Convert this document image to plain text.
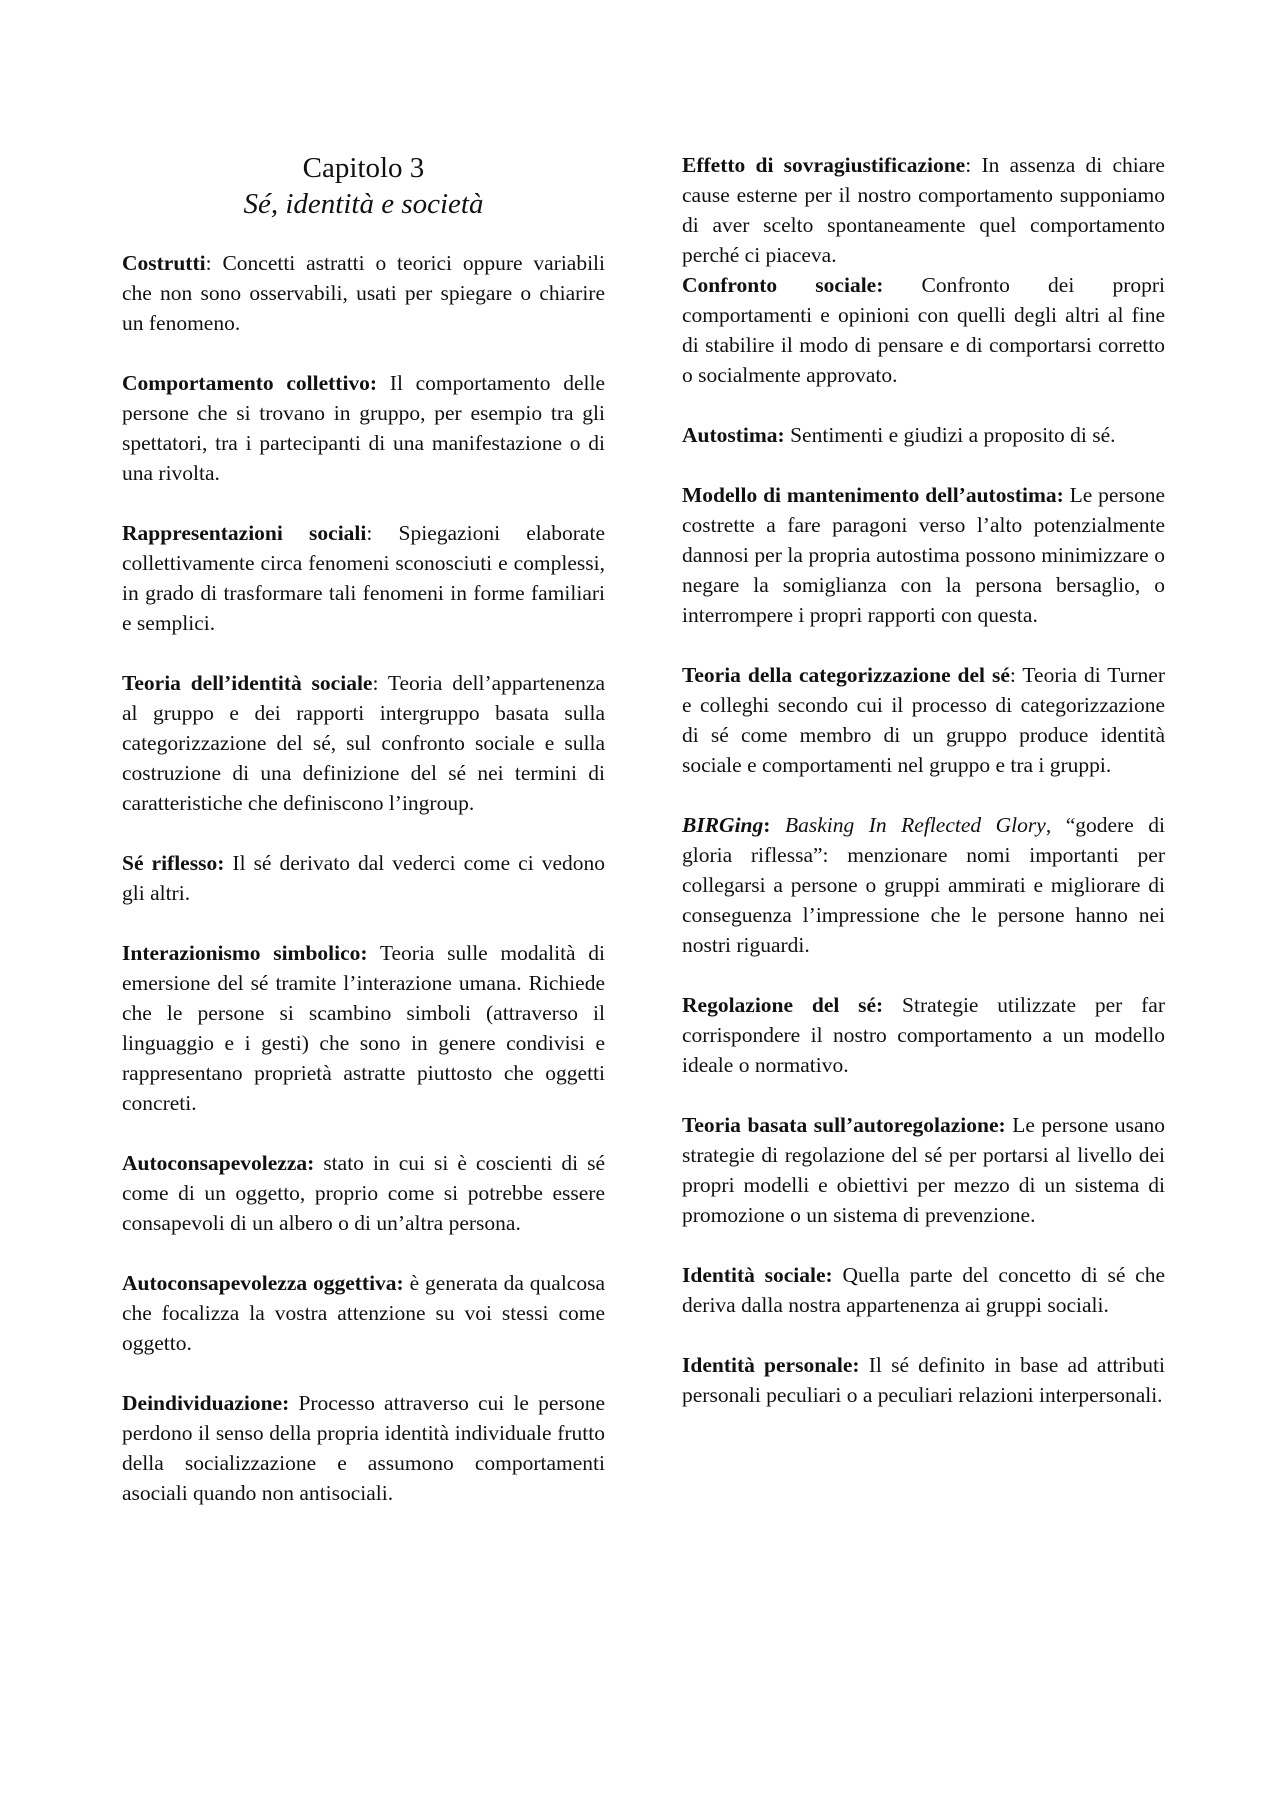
Capitolo 3

Sé, identità e società

Costrutti: Concetti astratti o teorici oppure variabili che non sono osservabili, usati per spiegare o chiarire un fenomeno.

Comportamento collettivo: Il comportamento delle persone che si trovano in gruppo, per esempio tra gli spettatori, tra i partecipanti di una manifestazione o di una rivolta.

Rappresentazioni sociali: Spiegazioni elaborate collettivamente circa fenomeni sconosciuti e complessi, in grado di trasformare tali fenomeni in forme familiari e semplici.

Teoria dell’identità sociale: Teoria dell’appartenenza al gruppo e dei rapporti intergruppo basata sulla categorizzazione del sé, sul confronto sociale e sulla costruzione di una definizione del sé nei termini di caratteristiche che definiscono l’ingroup.

Sé riflesso: Il sé derivato dal vederci come ci vedono gli altri.

Interazionismo simbolico: Teoria sulle modalità di emersione del sé tramite l’interazione umana. Richiede che le persone si scambino simboli (attraverso il linguaggio e i gesti) che sono in genere condivisi e rappresentano proprietà astratte piuttosto che oggetti concreti.

Autoconsapevolezza: stato in cui si è coscienti di sé come di un oggetto, proprio come si potrebbe essere consapevoli di un albero o di un’altra persona.

Autoconsapevolezza oggettiva: è generata da qualcosa che focalizza la vostra attenzione su voi stessi come oggetto.

Deindividuazione: Processo attraverso cui le persone perdono il senso della propria identità individuale frutto della socializzazione e assumono comportamenti asociali quando non antisociali.

Effetto di sovragiustificazione: In assenza di chiare cause esterne per il nostro comportamento supponiamo di aver scelto spontaneamente quel comportamento perché ci piaceva.

Confronto sociale: Confronto dei propri comportamenti e opinioni con quelli degli altri al fine di stabilire il modo di pensare e di comportarsi corretto o socialmente approvato.

Autostima: Sentimenti e giudizi a proposito di sé.

Modello di mantenimento dell’autostima: Le persone costrette a fare paragoni verso l’alto potenzialmente dannosi per la propria autostima possono minimizzare o negare la somiglianza con la persona bersaglio, o interrompere i propri rapporti con questa.

Teoria della categorizzazione del sé: Teoria di Turner e colleghi secondo cui il processo di categorizzazione di sé come membro di un gruppo produce identità sociale e comportamenti nel gruppo e tra i gruppi.

BIRGing: Basking In Reflected Glory, “godere di gloria riflessa”: menzionare nomi importanti per collegarsi a persone o gruppi ammirati e migliorare di conseguenza l’impressione che le persone hanno nei nostri riguardi.

Regolazione del sé: Strategie utilizzate per far corrispondere il nostro comportamento a un modello ideale o normativo.

Teoria basata sull’autoregolazione: Le persone usano strategie di regolazione del sé per portarsi al livello dei propri modelli e obiettivi per mezzo di un sistema di promozione o un sistema di prevenzione.

Identità sociale: Quella parte del concetto di sé che deriva dalla nostra appartenenza ai gruppi sociali.

Identità personale: Il sé definito in base ad attributi personali peculiari o a peculiari relazioni interpersonali.
